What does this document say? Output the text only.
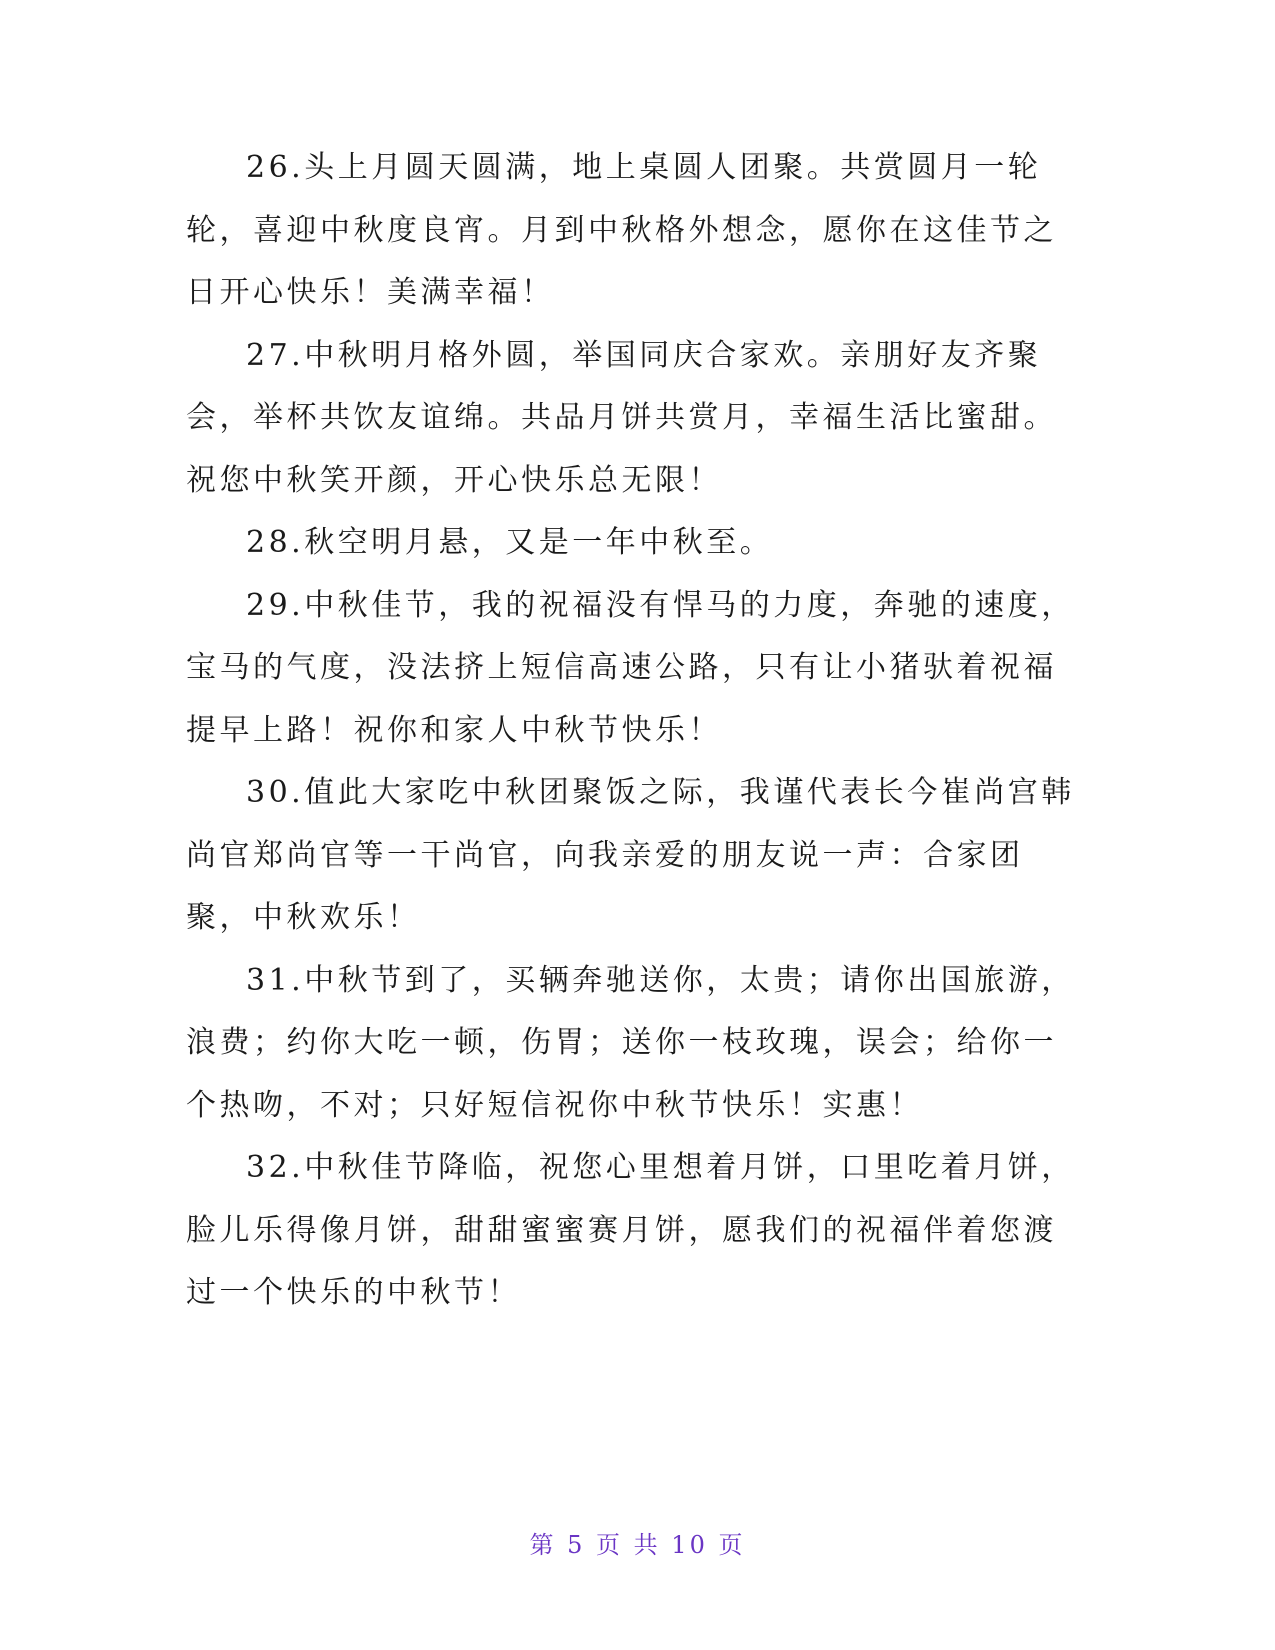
26.头上月圆天圆满，地上桌圆人团聚。共赏圆月一轮轮，喜迎中秋度良宵。月到中秋格外想念，愿你在这佳节之日开心快乐！美满幸福！

27.中秋明月格外圆，举国同庆合家欢。亲朋好友齐聚会，举杯共饮友谊绵。共品月饼共赏月，幸福生活比蜜甜。祝您中秋笑开颜，开心快乐总无限！

28.秋空明月悬，又是一年中秋至。

29.中秋佳节，我的祝福没有悍马的力度，奔驰的速度，宝马的气度，没法挤上短信高速公路，只有让小猪驮着祝福提早上路！祝你和家人中秋节快乐！

30.值此大家吃中秋团聚饭之际，我谨代表长今崔尚宫韩尚官郑尚官等一干尚官，向我亲爱的朋友说一声：合家团聚，中秋欢乐！

31.中秋节到了，买辆奔驰送你，太贵；请你出国旅游，浪费；约你大吃一顿，伤胃；送你一枝玫瑰，误会；给你一个热吻，不对；只好短信祝你中秋节快乐！实惠！

32.中秋佳节降临，祝您心里想着月饼，口里吃着月饼，脸儿乐得像月饼，甜甜蜜蜜赛月饼，愿我们的祝福伴着您渡过一个快乐的中秋节！

第 5 页 共 10 页
